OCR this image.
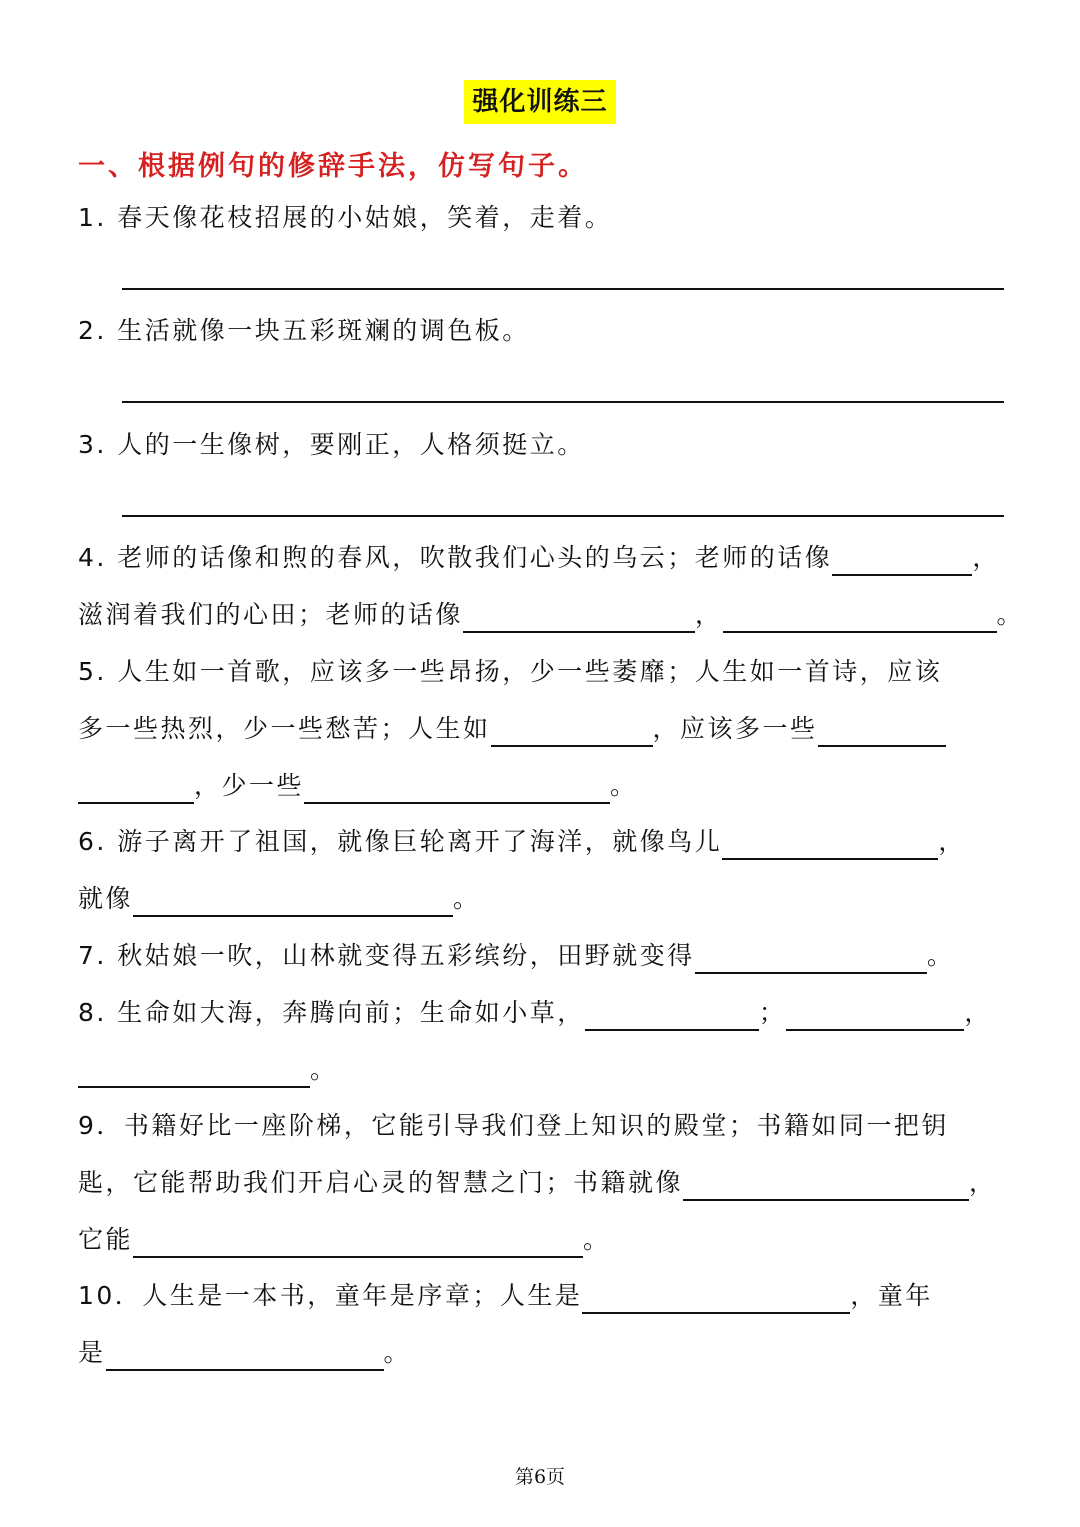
强化训练三
一、根据例句的修辞手法，仿写句子。
1. 春天像花枝招展的小姑娘，笑着，走着。
2. 生活就像一块五彩斑斓的调色板。
3. 人的一生像树，要刚正，人格须挺立。
4. 老师的话像和煦的春风，吹散我们心头的乌云；老师的话像	，
滋润着我们的心田；老师的话像	，	。
5. 人生如一首歌，应该多一些昂扬，少一些萎靡；人生如一首诗，应该
多一些热烈，少一些愁苦；人生如	，应该多一些
，少一些	。
6. 游子离开了祖国，就像巨轮离开了海洋，就像鸟儿	，
就像	。
7. 秋姑娘一吹，山林就变得五彩缤纷，田野就变得	。
8. 生命如大海，奔腾向前；生命如小草，	；	，
。
9．书籍好比一座阶梯，它能引导我们登上知识的殿堂；书籍如同一把钥
匙，它能帮助我们开启心灵的智慧之门；书籍就像	，
它能	。
10．人生是一本书，童年是序章；人生是	，童年
是	。
第6页
